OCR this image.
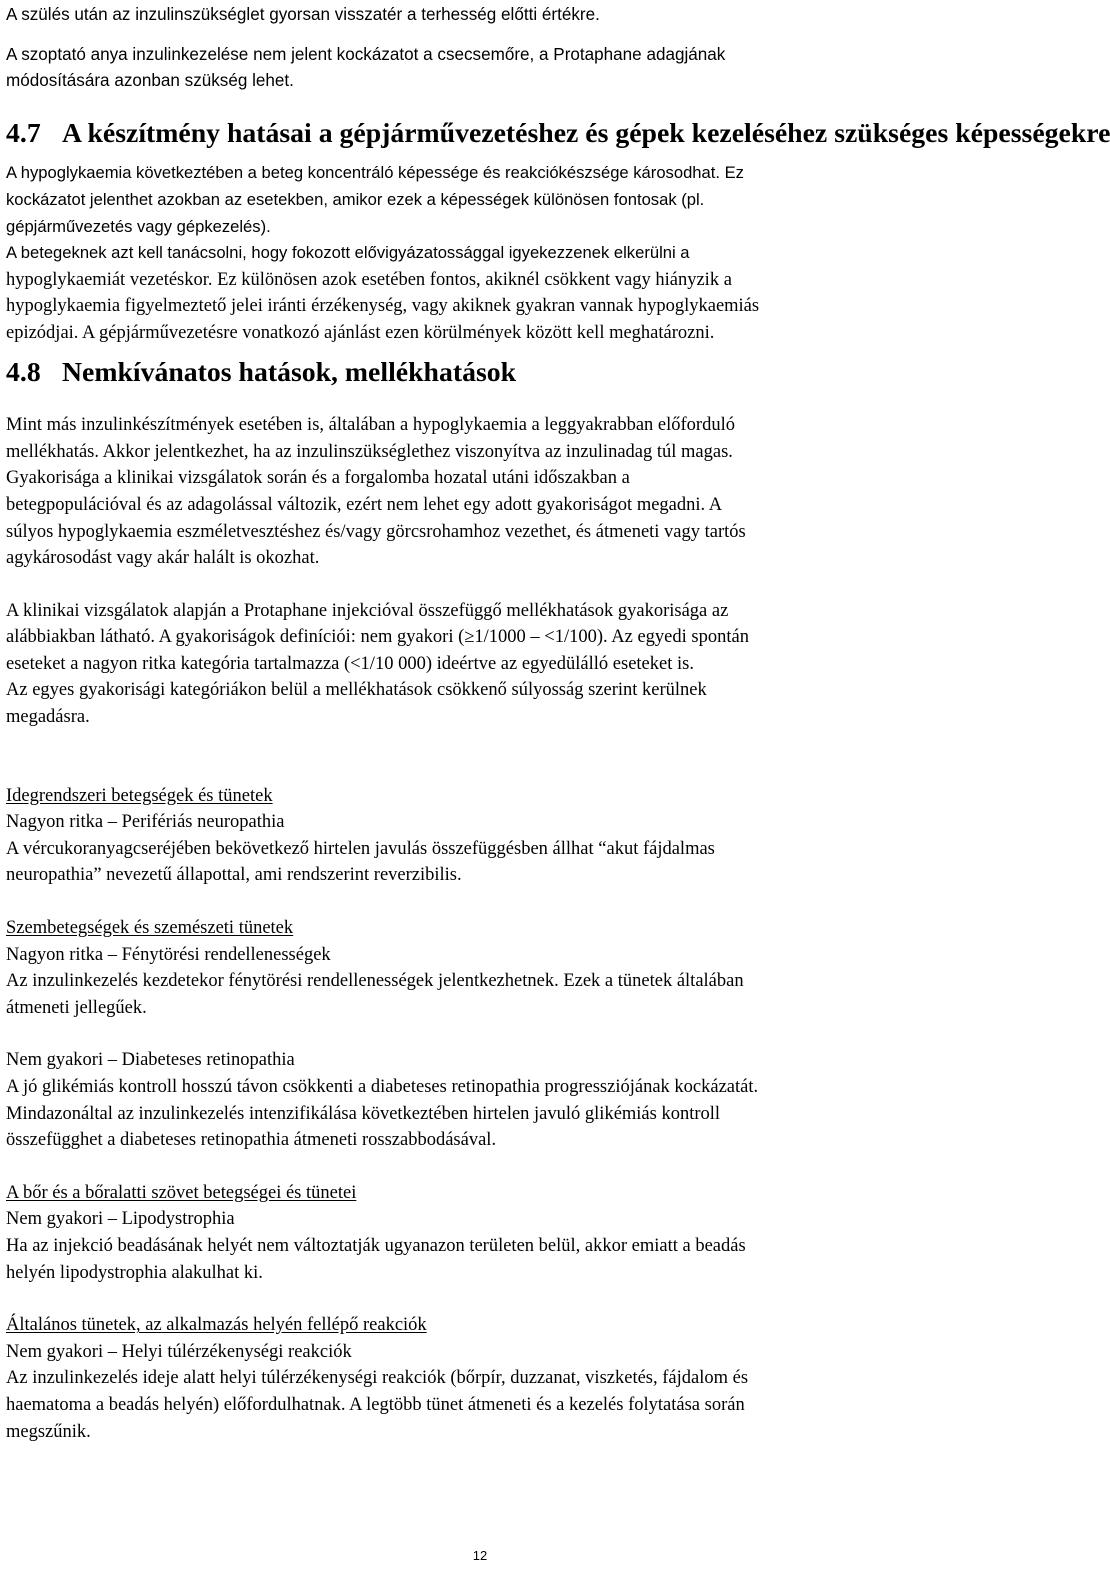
A szülés után az inzulinszükséglet gyorsan visszatér a terhesség előtti értékre.

A szoptató anya inzulinkezelése nem jelent kockázatot a csecsemőre, a Protaphane adagjának

módosítására azonban szükség lehet.

4.7 A készítmény hatásai a gépjárművezetéshez és gépek kezeléséhez szükséges képességekre

A hypoglykaemia következtében a beteg koncentráló képessége és reakciókészsége károsodhat. Ez

kockázatot jelenthet azokban az esetekben, amikor ezek a képességek különösen fontosak (pl.

gépjárművezetés vagy gépkezelés).

A betegeknek azt kell tanácsolni, hogy fokozott elővigyázatossággal igyekezzenek elkerülni a

hypoglykaemiát vezetéskor. Ez különösen azok esetében fontos, akiknél csökkent vagy hiányzik a

hypoglykaemia figyelmeztető jelei iránti érzékenység, vagy akiknek gyakran vannak hypoglykaemiás

epizódjai. A gépjárművezetésre vonatkozó ajánlást ezen körülmények között kell meghatározni.

4.8 Nemkívánatos hatások, mellékhatások

Mint más inzulinkészítmények esetében is, általában a hypoglykaemia a leggyakrabban előforduló

mellékhatás. Akkor jelentkezhet, ha az inzulinszükséglethez viszonyítva az inzulinadag túl magas.

Gyakorisága a klinikai vizsgálatok során és a forgalomba hozatal utáni időszakban a

betegpopulációval és az adagolással változik, ezért nem lehet egy adott gyakoriságot megadni. A

súlyos hypoglykaemia eszméletvesztéshez és/vagy görcsrohamhoz vezethet, és átmeneti vagy tartós

agykárosodást vagy akár halált is okozhat.

A klinikai vizsgálatok alapján a Protaphane injekcióval összefüggő mellékhatások gyakorisága az

alábbiakban látható. A gyakoriságok definíciói: nem gyakori (≥1/1000 – <1/100). Az egyedi spontán

eseteket a nagyon ritka kategória tartalmazza (<1/10 000) ideértve az egyedülálló eseteket is.

Az egyes gyakorisági kategóriákon belül a mellékhatások csökkenő súlyosság szerint kerülnek

megadásra.

Idegrendszeri betegségek és tünetek

Nagyon ritka – Perifériás neuropathia

A vércukoranyagcseréjében bekövetkező hirtelen javulás összefüggésben állhat “akut fájdalmas

neuropathia” nevezetű állapottal, ami rendszerint reverzibilis.

Szembetegségek és szemészeti tünetek

Nagyon ritka – Fénytörési rendellenességek

Az inzulinkezelés kezdetekor fénytörési rendellenességek jelentkezhetnek. Ezek a tünetek általában

átmeneti jellegűek.

Nem gyakori – Diabeteses retinopathia

A jó glikémiás kontroll hosszú távon csökkenti a diabeteses retinopathia progressziójának kockázatát.

Mindazonáltal az inzulinkezelés intenzifikálása következtében hirtelen javuló glikémiás kontroll

összefügghet a diabeteses retinopathia átmeneti rosszabbodásával.

A bőr és a bőralatti szövet betegségei és tünetei

Nem gyakori – Lipodystrophia

Ha az injekció beadásának helyét nem változtatják ugyanazon területen belül, akkor emiatt a beadás

helyén lipodystrophia alakulhat ki.

Általános tünetek, az alkalmazás helyén fellépő reakciók

Nem gyakori – Helyi túlérzékenységi reakciók

Az inzulinkezelés ideje alatt helyi túlérzékenységi reakciók (bőrpír, duzzanat, viszketés, fájdalom és

haematoma a beadás helyén) előfordulhatnak. A legtöbb tünet átmeneti és a kezelés folytatása során

megszűnik.

12
